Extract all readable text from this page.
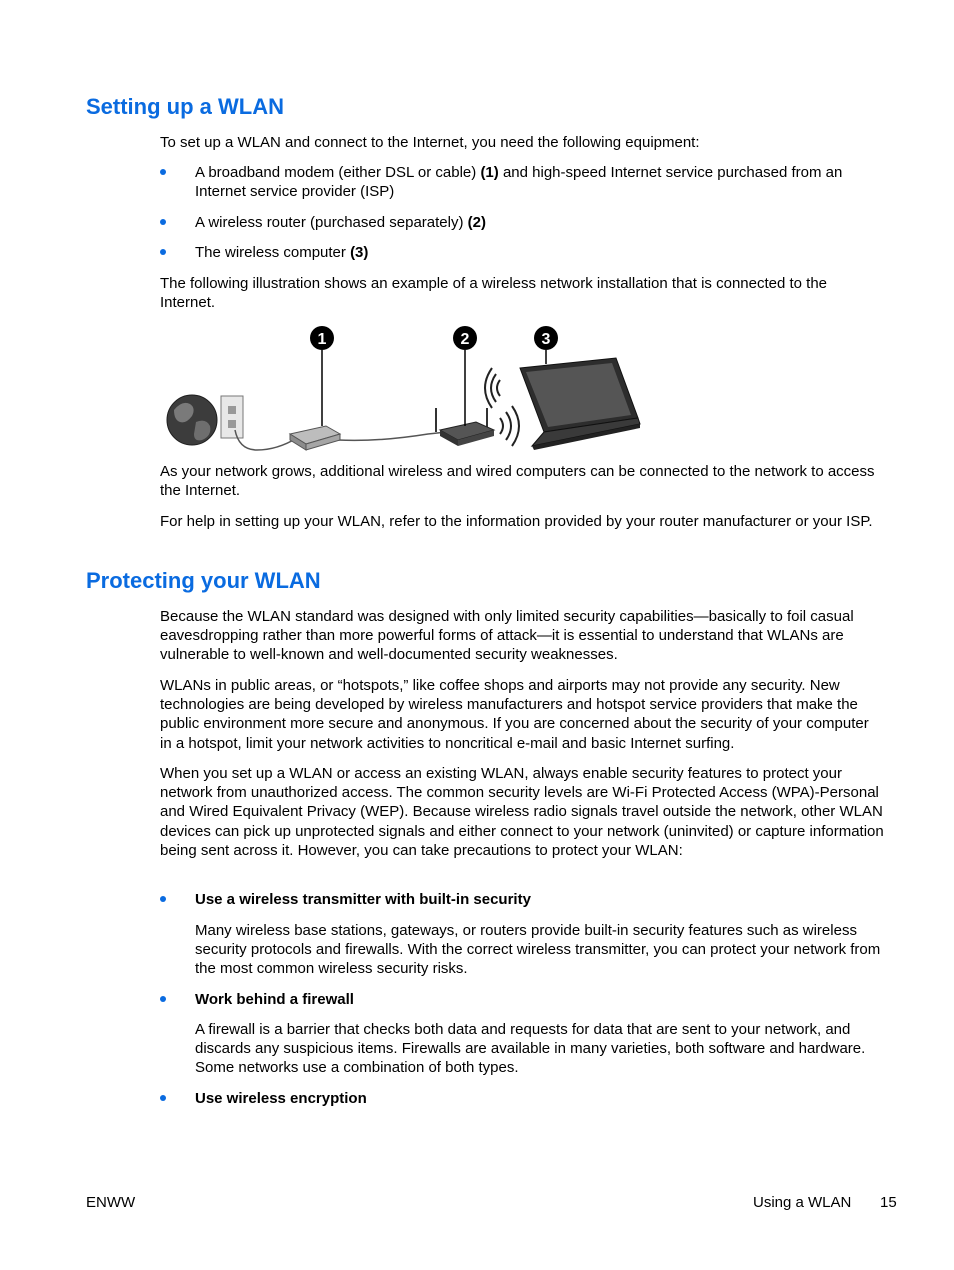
Setting up a WLAN

To set up a WLAN and connect to the Internet, you need the following equipment:

A broadband modem (either DSL or cable) (1) and high-speed Internet service purchased from an Internet service provider (ISP)
A wireless router (purchased separately) (2)
The wireless computer (3)

The following illustration shows an example of a wireless network installation that is connected to the Internet.

1	2	3

As your network grows, additional wireless and wired computers can be connected to the network to access the Internet.

For help in setting up your WLAN, refer to the information provided by your router manufacturer or your ISP.

Protecting your WLAN

Because the WLAN standard was designed with only limited security capabilities—basically to foil casual eavesdropping rather than more powerful forms of attack—it is essential to understand that WLANs are vulnerable to well-known and well-documented security weaknesses.

WLANs in public areas, or “hotspots,” like coffee shops and airports may not provide any security. New technologies are being developed by wireless manufacturers and hotspot service providers that make the public environment more secure and anonymous. If you are concerned about the security of your computer in a hotspot, limit your network activities to noncritical e-mail and basic Internet surfing.

When you set up a WLAN or access an existing WLAN, always enable security features to protect your network from unauthorized access. The common security levels are Wi-Fi Protected Access (WPA)-Personal and Wired Equivalent Privacy (WEP). Because wireless radio signals travel outside the network, other WLAN devices can pick up unprotected signals and either connect to your network (uninvited) or capture information being sent across it. However, you can take precautions to protect your WLAN:

Use a wireless transmitter with built-in security

Many wireless base stations, gateways, or routers provide built-in security features such as wireless security protocols and firewalls. With the correct wireless transmitter, you can protect your network from the most common wireless security risks.

Work behind a firewall

A firewall is a barrier that checks both data and requests for data that are sent to your network, and discards any suspicious items. Firewalls are available in many varieties, both software and hardware. Some networks use a combination of both types.

Use wireless encryption
ENWW	Using a WLAN 15
